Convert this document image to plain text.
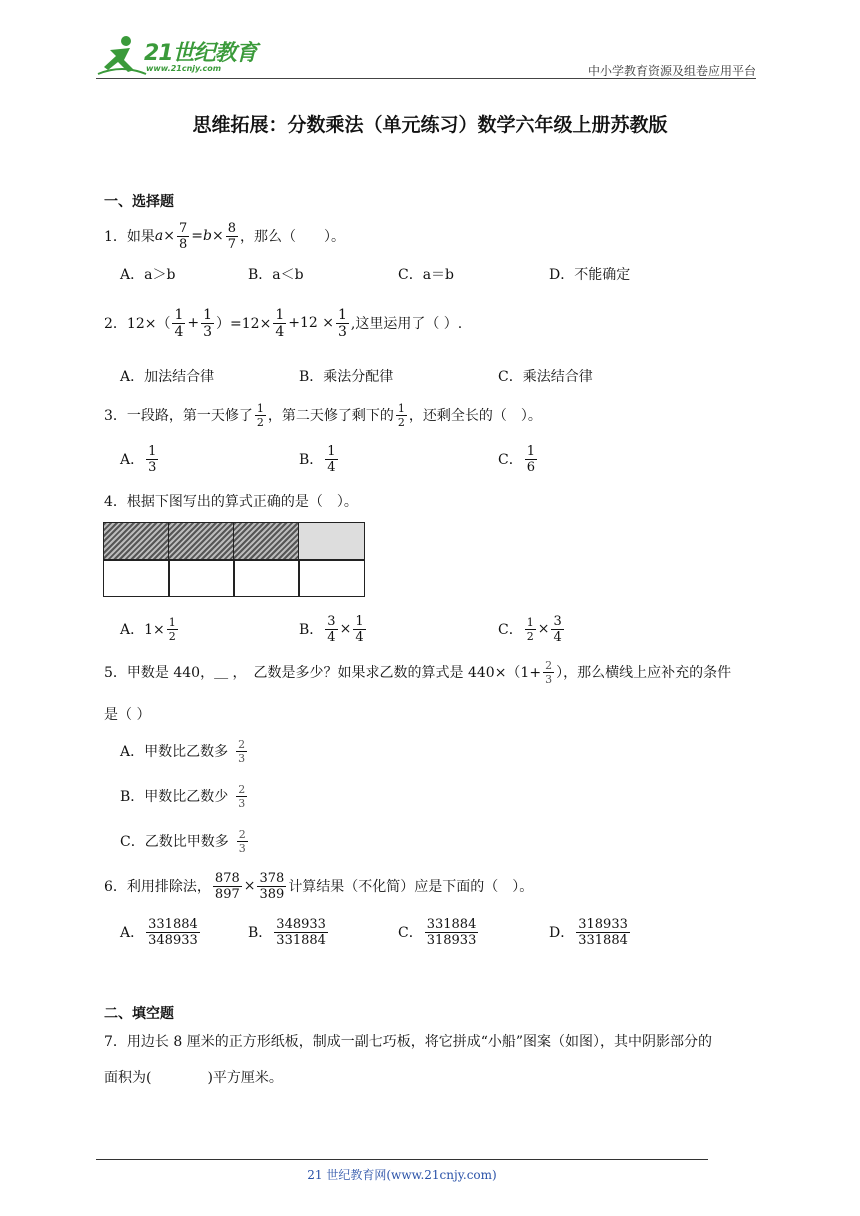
21世纪教育
www.21cnjy.com	中小学教育资源及组卷应用平台
思维拓展：分数乘法（单元练习）数学六年级上册苏教版
一、选择题
1．如果 $a \times \frac{7}{8} = b \times \frac{8}{7}$ ，那么（　　）。
A．a＞b	B．a＜b	C．a＝b	D．不能确定
2．$12\times( \frac{1}{4} + \frac{1}{3} )=12\times \frac{1}{4} +12 \times \frac{1}{3}$ ,这里运用了（ ）.
A．加法结合律	B．乘法分配律	C．乘法结合律
3．一段路，第一天修了 $\frac{1}{2}$ ，第二天修了剩下的 $\frac{1}{2}$ ，还剩全长的（　）。
A． $\frac{1}{3}$	B． $\frac{1}{4}$	C． $\frac{1}{6}$
4．根据下图写出的算式正确的是（　）。
A．$1\times \frac{1}{2}$	B． $\frac{3}{4} \times \frac{1}{4}$	C． $\frac{1}{2} \times \frac{3}{4}$
5．甲数是 440，＿ ，　乙数是多少？如果求乙数的算式是 $440\times(1+ \frac{2}{3}$ ），那么横线上应补充的条件
是（ ）
A．甲数比乙数多 $\frac{2}{3}$
B．甲数比乙数少 $\frac{2}{3}$
C．乙数比甲数多 $\frac{2}{3}$
6．利用排除法， $\frac{878}{897} \times \frac{378}{389}$ 计算结果（不化简）应是下面的（　）。
A． $\frac{331884}{348933}$	B． $\frac{348933}{331884}$	C． $\frac{331884}{318933}$	D． $\frac{318933}{331884}$
二、填空题
7．用边长 8 厘米的正方形纸板，制成一副七巧板，将它拼成“小船”图案（如图），其中阴影部分的
面积为(　　　　)平方厘米。
21 世纪教育网(www.21cnjy.com)
